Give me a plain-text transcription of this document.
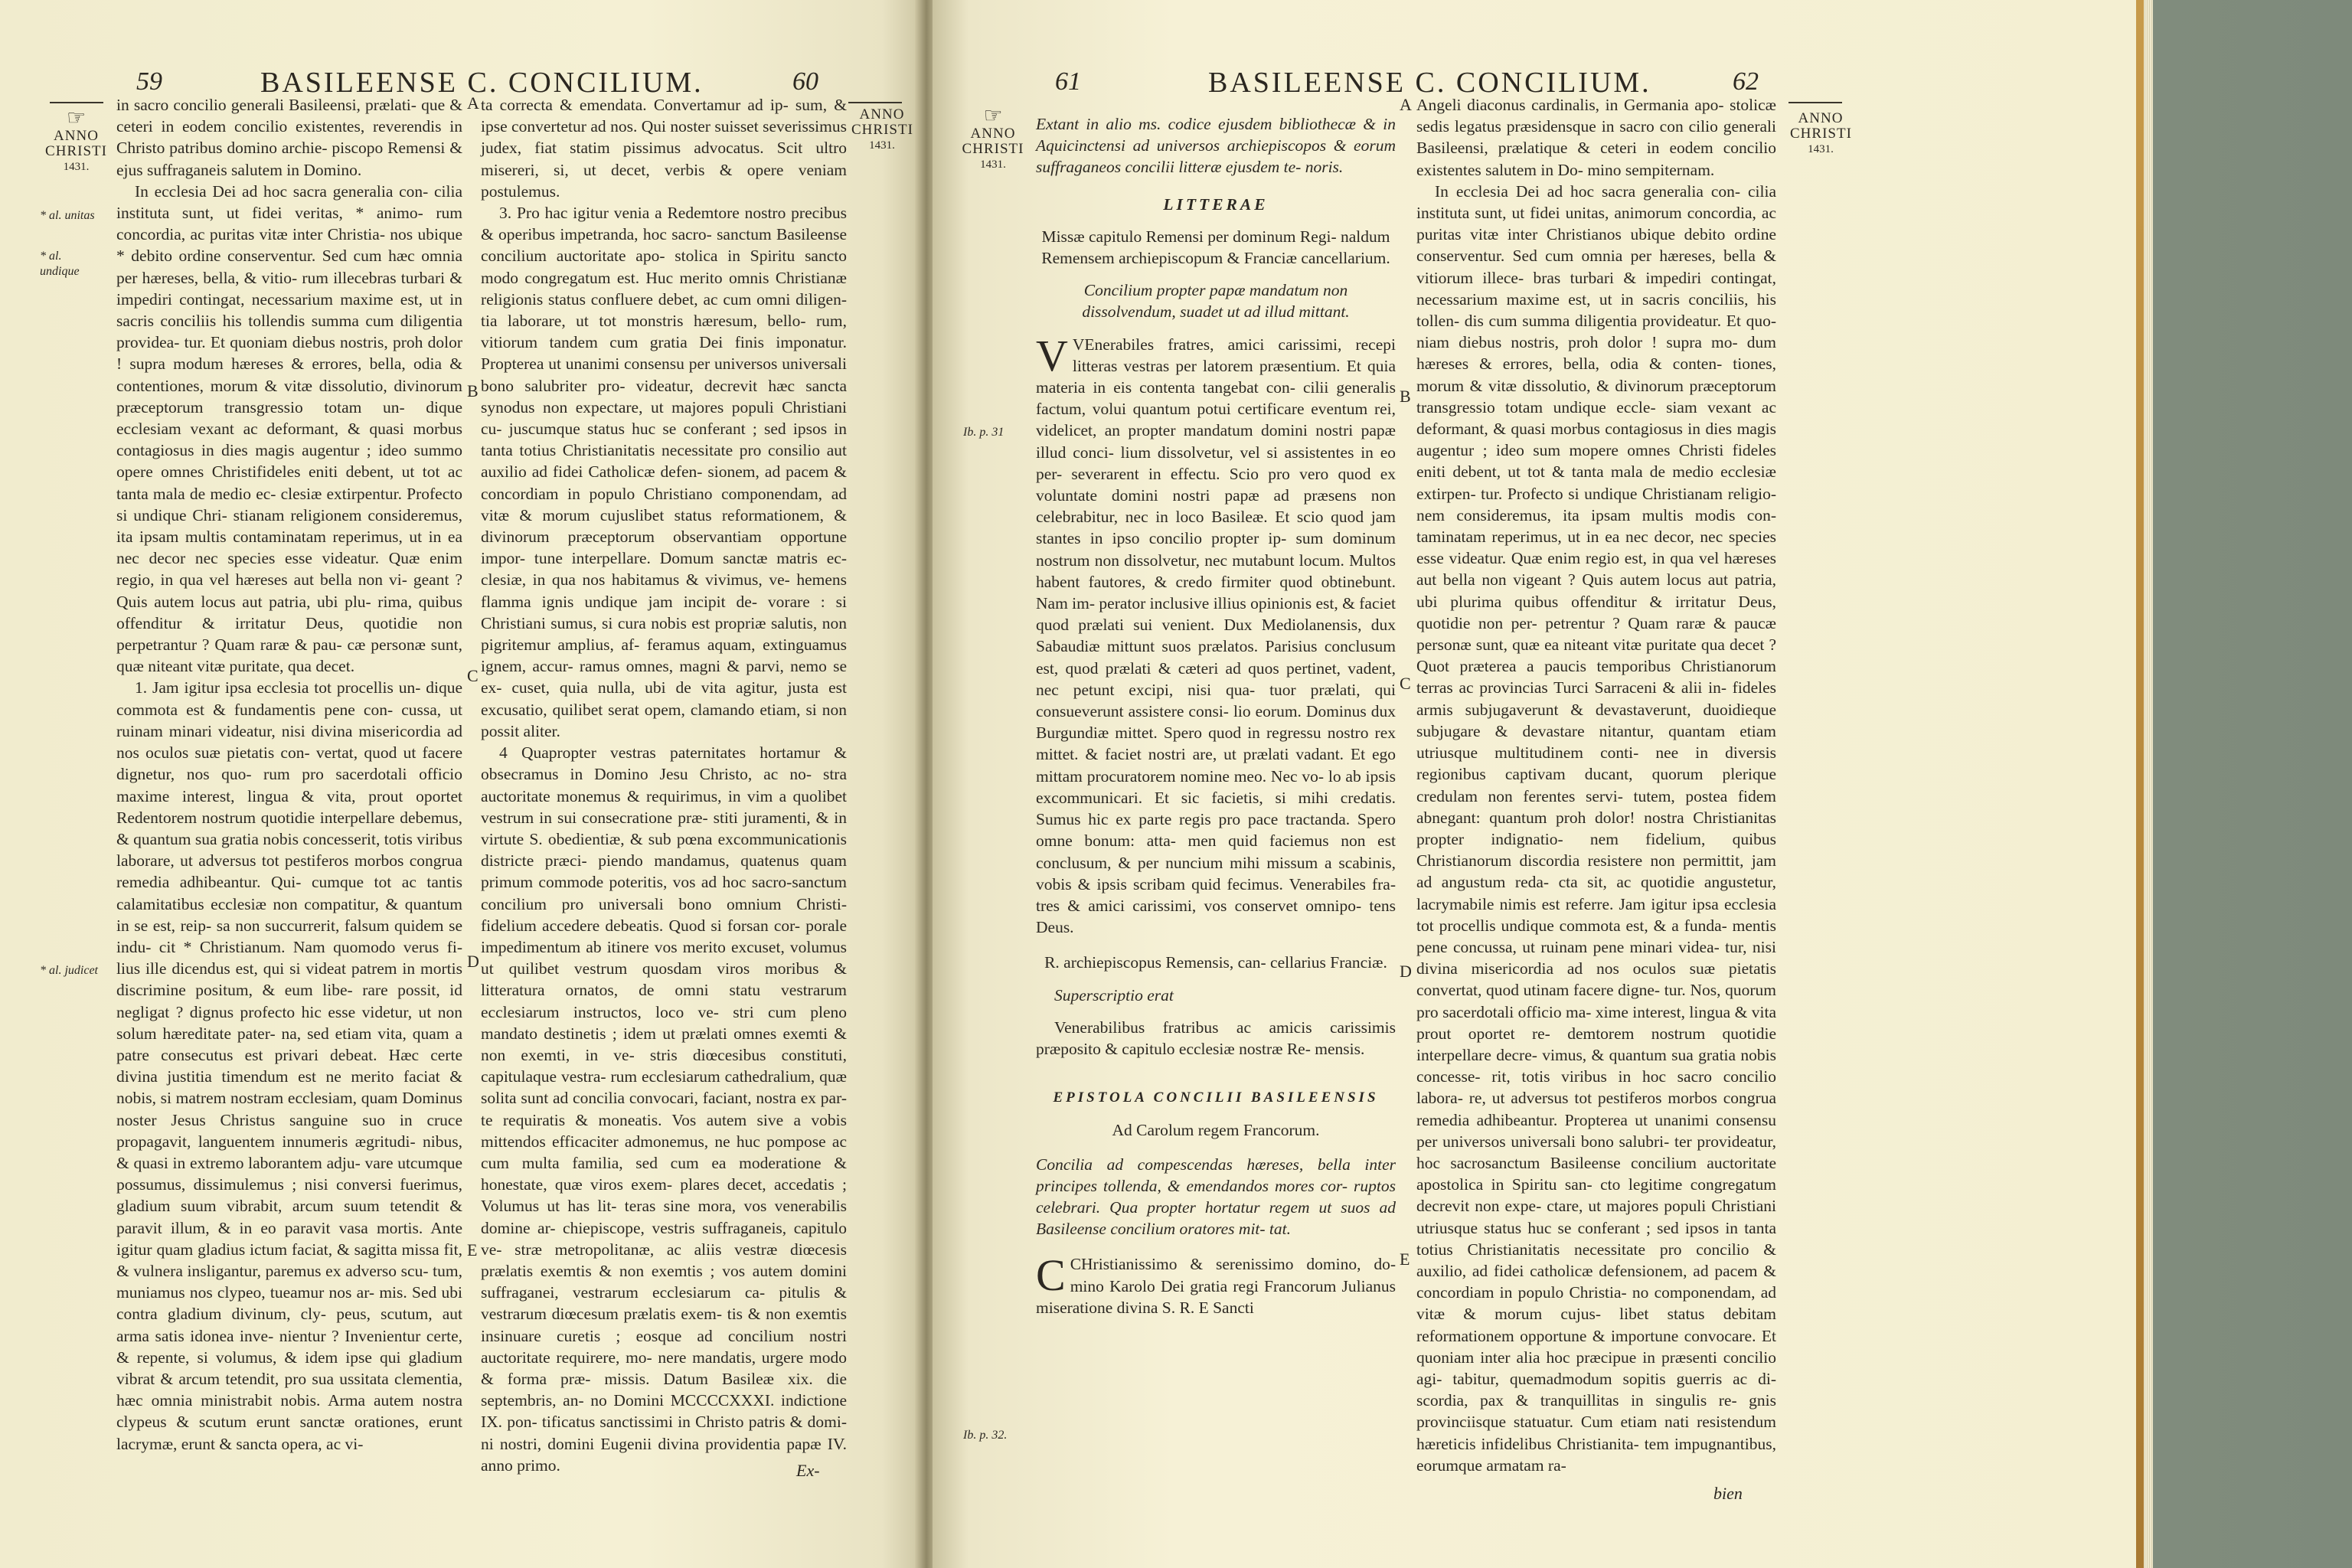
59	BASILEENSE C. CONCILIUM.	60
☞
ANNO CHRISTI
1431.
* al. unitas
* al. undique
* al. judicet

in sacro concilio generali Basileensi, prælati- que & ceteri in eodem concilio existentes, reverendis in Christo patribus domino archie- piscopo Remensi & ejus suffraganeis salutem in Domino.

In ecclesia Dei ad hoc sacra generalia con- cilia instituta sunt, ut fidei veritas, * animo- rum concordia, ac puritas vitæ inter Christia- nos ubique * debito ordine conserventur. Sed cum hæc omnia per hæreses, bella, & vitio- rum illecebras turbari & impediri contingat, necessarium maxime est, ut in sacris conciliis his tollendis summa cum diligentia providea- tur. Et quoniam diebus nostris, proh dolor ! supra modum hæreses & errores, bella, odia & contentiones, morum & vitæ dissolutio, divinorum præceptorum transgressio totam un- dique ecclesiam vexant ac deformant, & quasi morbus contagiosus in dies magis augentur ; ideo summo opere omnes Christifideles eniti debent, ut tot ac tanta mala de medio ec- clesiæ extirpentur. Profecto si undique Chri- stianam religionem consideremus, ita ipsam multis contaminatam reperimus, ut in ea nec decor nec species esse videatur. Quæ enim regio, in qua vel hæreses aut bella non vi- geant ? Quis autem locus aut patria, ubi plu- rima, quibus offenditur & irritatur Deus, quotidie non perpetrantur ? Quam raræ & pau- cæ personæ sunt, quæ niteant vitæ puritate, qua decet.

1. Jam igitur ipsa ecclesia tot procellis un- dique commota est & fundamentis pene con- cussa, ut ruinam minari videatur, nisi divina misericordia ad nos oculos suæ pietatis con- vertat, quod ut facere dignetur, nos quo- rum pro sacerdotali officio maxime interest, lingua & vita, prout oportet Redentorem nostrum quotidie interpellare debemus, & quantum sua gratia nobis concesserit, totis viribus laborare, ut adversus tot pestiferos morbos congrua remedia adhibeantur. Qui- cumque tot ac tantis calamitatibus ecclesiæ non compatitur, & quantum in se est, reip- sa non succurrerit, falsum quidem se indu- cit * Christianum. Nam quomodo verus fi- lius ille dicendus est, qui si videat patrem in mortis discrimine positum, & eum libe- rare possit, id negligat ? dignus profecto hic esse videtur, ut non solum hæreditate pater- na, sed etiam vita, quam a patre consecutus est privari debeat. Hæc certe divina justitia timendum est ne merito faciat & nobis, si matrem nostram ecclesiam, quam Dominus noster Jesus Christus sanguine suo in cruce propagavit, languentem innumeris ægritudi- nibus, & quasi in extremo laborantem adju- vare utcumque possumus, dissimulemus ; nisi conversi fuerimus, gladium suum vibrabit, arcum suum tetendit & paravit illum, & in eo paravit vasa mortis. Ante igitur quam gladius ictum faciat, & sagitta missa fit, & vulnera insligantur, paremus ex adverso scu- tum, muniamus nos clypeo, tueamur nos ar- mis. Sed ubi contra gladium divinum, cly- peus, scutum, aut arma satis idonea inve- nientur ? Invenientur certe, & repente, si volumus, & idem ipse qui gladium vibrat & arcum tetendit, pro sua ussitata clementia, hæc omnia ministrabit nobis. Arma autem nostra clypeus & scutum erunt sanctæ orationes, erunt lacrymæ, erunt & sancta opera, ac vi-

A
B
C
D
E

ta correcta & emendata. Convertamur ad ip- sum, & ipse convertetur ad nos. Qui noster suisset severissimus judex, fiat statim pissimus advocatus. Scit ultro misereri, si, ut decet, verbis & opere veniam postulemus.

3. Pro hac igitur venia a Redemtore nostro precibus & operibus impetranda, hoc sacro- sanctum Basileense concilium auctoritate apo- stolica in Spiritu sancto modo congregatum est. Huc merito omnis Christianæ religionis status confluere debet, ac cum omni diligen- tia laborare, ut tot monstris hæresum, bello- rum, vitiorum tandem cum gratia Dei finis imponatur. Propterea ut unanimi consensu per universos universali bono salubriter pro- videatur, decrevit hæc sancta synodus non expectare, ut majores populi Christiani cu- juscumque status huc se conferant ; sed ipsos in tanta totius Christianitatis necessitate pro consilio aut auxilio ad fidei Catholicæ defen- sionem, ad pacem & concordiam in populo Christiano componendam, ad vitæ & morum cujuslibet status reformationem, & divinorum præceptorum observantiam opportune impor- tune interpellare. Domum sanctæ matris ec- clesiæ, in qua nos habitamus & vivimus, ve- hemens flamma ignis undique jam incipit de- vorare : si Christiani sumus, si cura nobis est propriæ salutis, non pigritemur amplius, af- feramus aquam, extinguamus ignem, accur- ramus omnes, magni & parvi, nemo se ex- cuset, quia nulla, ubi de vita agitur, justa est excusatio, quilibet serat opem, clamando etiam, si non possit aliter.

4 Quapropter vestras paternitates hortamur & obsecramus in Domino Jesu Christo, ac no- stra auctoritate monemus & requirimus, in vim a quolibet vestrum in sui consecratione præ- stiti juramenti, & in virtute S. obedientiæ, & sub pœna excommunicationis districte præci- piendo mandamus, quatenus quam primum commode poteritis, vos ad hoc sacro-sanctum concilium pro universali bono omnium Christi- fidelium accedere debeatis. Quod si forsan cor- porale impedimentum ab itinere vos merito excuset, volumus ut quilibet vestrum quosdam viros moribus & litteratura ornatos, de omni statu vestrarum ecclesiarum instructos, loco ve- stri cum pleno mandato destinetis ; idem ut prælati omnes exemti & non exemti, in ve- stris diœcesibus constituti, capitulaque vestra- rum ecclesiarum cathedralium, quæ solita sunt ad concilia convocari, faciant, nostra ex par- te requiratis & moneatis. Vos autem sive a vobis mittendos efficaciter admonemus, ne huc pompose ac cum multa familia, sed cum ea moderatione & honestate, quæ viros exem- plares decet, accedatis ; Volumus ut has lit- teras sine mora, vos venerabilis domine ar- chiepiscope, vestris suffraganeis, capitulo ve- stræ metropolitanæ, ac aliis vestræ diœcesis prælatis exemtis & non exemtis ; vos autem domini suffraganei, vestrarum ecclesiarum ca- pitulis & vestrarum diœcesum prælatis exem- tis & non exemtis insinuare curetis ; eosque ad concilium nostri auctoritate requirere, mo- nere mandatis, urgere modo & forma præ- missis. Datum Basileæ xix. die septembris, an- no Domini MCCCCXXXI. indictione IX. pon- tificatus sanctissimi in Christo patris & domi- ni nostri, domini Eugenii divina providentia papæ IV. anno primo.

ANNO CHRISTI
1431.
Ex-
61	BASILEENSE C. CONCILIUM.	62
☞
ANNO CHRISTI
1431.
Ib. p. 31
Ib. p. 32.

Extant in alio ms. codice ejusdem bibliothecæ & in Aquicinctensi ad universos archiepiscopos & eorum suffraganeos concilii litteræ ejusdem te- noris.

LITTERAE

Missæ capitulo Remensi per dominum Regi- naldum Remensem archiepiscopum & Franciæ cancellarium.

Concilium propter papæ mandatum non dissolvendum, suadet ut ad illud mittant.

V VEnerabiles fratres, amici carissimi, recepi litteras vestras per latorem præsentium. Et quia materia in eis contenta tangebat con- cilii generalis factum, volui quantum potui certificare eventum rei, videlicet, an propter mandatum domini nostri papæ illud conci- lium dissolvetur, vel si assistentes in eo per- severarent in effectu. Scio pro vero quod ex voluntate domini nostri papæ ad præsens non celebrabitur, nec in loco Basileæ. Et scio quod jam stantes in ipso concilio propter ip- sum dominum nostrum non dissolvetur, nec mutabunt locum. Multos habent fautores, & credo firmiter quod obtinebunt. Nam im- perator inclusive illius opinionis est, & faciet quod prælati sui venient. Dux Mediolanensis, dux Sabaudiæ mittunt suos prælatos. Parisius conclusum est, quod prælati & cæteri ad quos pertinet, vadent, nec petunt excipi, nisi qua- tuor prælati, qui consueverunt assistere consi- lio eorum. Dominus dux Burgundiæ mittet. Spero quod in regressu nostro rex mittet. & faciet nostri are, ut prælati vadant. Et ego mittam procuratorem nomine meo. Nec vo- lo ab ipsis excommunicari. Et sic facietis, si mihi credatis. Sumus hic ex parte regis pro pace tractanda. Spero omne bonum: atta- men quid faciemus non est conclusum, & per nuncium mihi missum a scabinis, vobis & ipsis scribam quid fecimus. Venerabiles fra- tres & amici carissimi, vos conservet omnipo- tens Deus.

R. archiepiscopus Remensis, can- cellarius Franciæ.

Superscriptio erat

Venerabilibus fratribus ac amicis carissimis præposito & capitulo ecclesiæ nostræ Re- mensis.

EPISTOLA CONCILII BASILEENSIS

Ad Carolum regem Francorum.

Concilia ad compescendas hæreses, bella inter principes tollenda, & emendandos mores cor- ruptos celebrari. Qua propter hortatur regem ut suos ad Basileense concilium oratores mit- tat.

C CHristianissimo & serenissimo domino, do- mino Karolo Dei gratia regi Francorum Julianus miseratione divina S. R. E Sancti

A
B
C
D
E

Angeli diaconus cardinalis, in Germania apo- stolicæ sedis legatus præsidensque in sacro con cilio generali Basileensi, prælatique & ceteri in eodem concilio existentes salutem in Do- mino sempiternam.

In ecclesia Dei ad hoc sacra generalia con- cilia instituta sunt, ut fidei unitas, animorum concordia, ac puritas vitæ inter Christianos ubique debito ordine conserventur. Sed cum omnia per hæreses, bella & vitiorum illece- bras turbari & impediri contingat, necessarium maxime est, ut in sacris conciliis, his tollen- dis cum summa diligentia provideatur. Et quo- niam diebus nostris, proh dolor ! supra mo- dum hæreses & errores, bella, odia & conten- tiones, morum & vitæ dissolutio, & divinorum præceptorum transgressio totam undique eccle- siam vexant ac deformant, & quasi morbus contagiosus in dies magis augentur ; ideo sum mopere omnes Christi fideles eniti debent, ut tot & tanta mala de medio ecclesiæ extirpen- tur. Profecto si undique Christianam religio- nem consideremus, ita ipsam multis modis con- taminatam reperimus, ut in ea nec decor, nec species esse videatur. Quæ enim regio est, in qua vel hæreses aut bella non vigeant ? Quis autem locus aut patria, ubi plurima quibus offenditur & irritatur Deus, quotidie non per- petrentur ? Quam raræ & paucæ personæ sunt, quæ ea niteant vitæ puritate qua decet ? Quot præterea a paucis temporibus Christianorum terras ac provincias Turci Sarraceni & alii in- fideles armis subjugaverunt & devastaverunt, duoidieque subjugare & devastare nitantur, quantam etiam utriusque multitudinem conti- nee in diversis regionibus captivam ducant, quorum plerique credulam non ferentes servi- tutem, postea fidem abnegant: quantum proh dolor! nostra Christianitas propter indignatio- nem fidelium, quibus Christianorum discordia resistere non permittit, jam ad angustum reda- cta sit, ac quotidie angustetur, lacrymabile nimis est referre. Jam igitur ipsa ecclesia tot procellis undique commota est, & a funda- mentis pene concussa, ut ruinam pene minari videa- tur, nisi divina misericordia ad nos oculos suæ pietatis convertat, quod utinam facere digne- tur. Nos, quorum pro sacerdotali officio ma- xime interest, lingua & vita prout oportet re- demtorem nostrum quotidie interpellare decre- vimus, & quantum sua gratia nobis concesse- rit, totis viribus in hoc sacro concilio labora- re, ut adversus tot pestiferos morbos congrua remedia adhibeantur. Propterea ut unanimi consensu per universos universali bono salubri- ter provideatur, hoc sacrosanctum Basileense concilium auctoritate apostolica in Spiritu san- cto legitime congregatum decrevit non expe- ctare, ut majores populi Christiani utriusque status huc se conferant ; sed ipsos in tanta totius Christianitatis necessitate pro concilio & auxilio, ad fidei catholicæ defensionem, ad pacem & concordiam in populo Christia- no componendam, ad vitæ & morum cujus- libet status debitam reformationem opportune & importune convocare. Et quoniam inter alia hoc præcipue in præsenti concilio agi- tabitur, quemadmodum sopitis guerris ac di- scordia, pax & tranquillitas in singulis re- gnis provinciisque statuatur. Cum etiam nati resistendum hæreticis infidelibus Christianita- tem impugnantibus, eorumque armatam ra-

ANNO CHRISTI
1431.
bien
